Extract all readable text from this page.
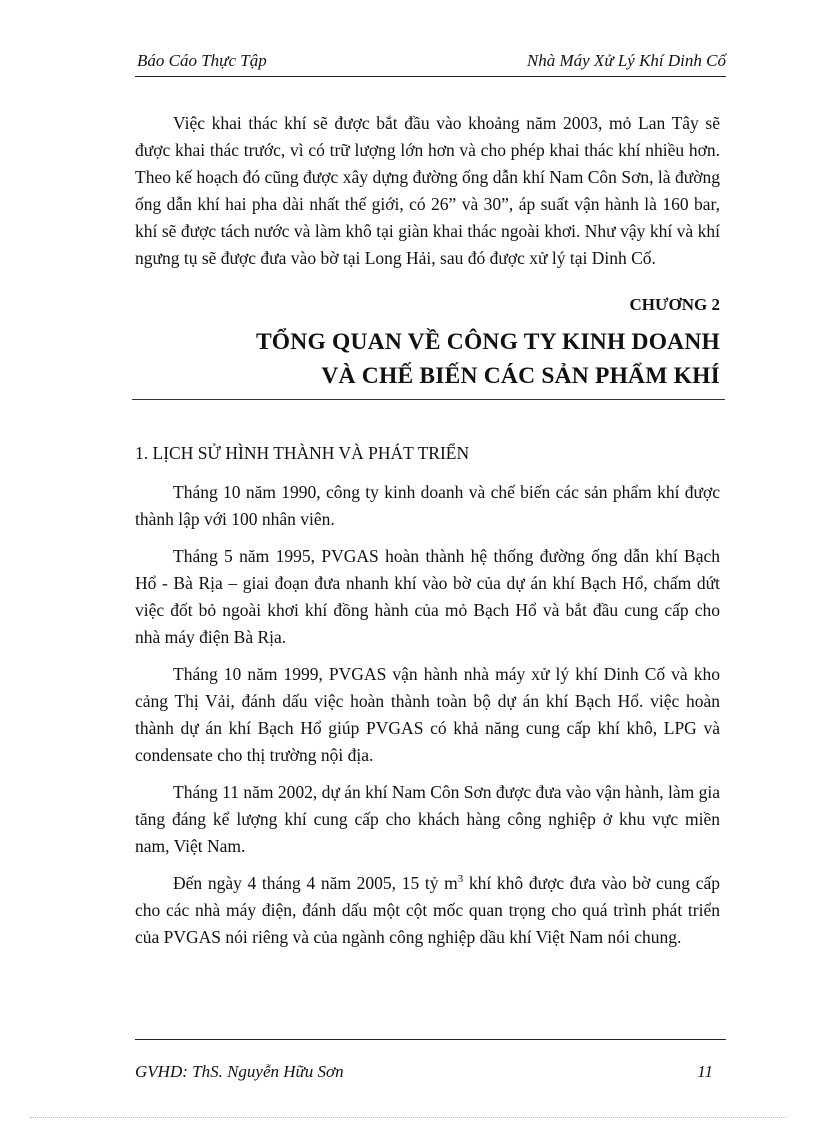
Báo Cáo Thực Tập	Nhà Máy Xử Lý Khí Dinh Cố

Việc khai thác khí sẽ được bắt đầu vào khoảng năm 2003, mỏ Lan Tây sẽ được khai thác trước, vì có trữ lượng lớn hơn và cho phép khai thác khí nhiều hơn. Theo kế hoạch đó cũng được xây dựng đường ống dẫn khí Nam Côn Sơn, là đường ống dẫn khí hai pha dài nhất thế giới, có 26” và 30”, áp suất vận hành là 160 bar, khí sẽ được tách nước và làm khô tại giàn khai thác ngoài khơi. Như vậy khí và khí ngưng tụ sẽ được đưa vào bờ tại Long Hải, sau đó được xử lý tại Dinh Cố.

CHƯƠNG 2
TỔNG QUAN VỀ CÔNG TY KINH DOANH
VÀ CHẾ BIẾN CÁC SẢN PHẨM KHÍ
1. LỊCH SỬ HÌNH THÀNH VÀ PHÁT TRIỂN

Tháng 10 năm 1990, công ty kinh doanh và chế biến các sản phẩm khí được thành lập với 100 nhân viên.

Tháng 5 năm 1995, PVGAS hoàn thành hệ thống đường ống dẫn khí Bạch Hổ - Bà Rịa – giai đoạn đưa nhanh khí vào bờ của dự án khí Bạch Hổ, chấm dứt việc đốt bỏ ngoài khơi khí đồng hành của mỏ Bạch Hổ và bắt đầu cung cấp cho nhà máy điện Bà Rịa.

Tháng 10 năm 1999, PVGAS vận hành nhà máy xử lý khí Dinh Cố và kho cảng Thị Vải, đánh dấu việc hoàn thành toàn bộ dự án khí Bạch Hổ. việc hoàn thành dự án khí Bạch Hổ giúp PVGAS có khả năng cung cấp khí khô, LPG và condensate cho thị trường nội địa.

Tháng 11 năm 2002, dự án khí Nam Côn Sơn được đưa vào vận hành, làm gia tăng đáng kể lượng khí cung cấp cho khách hàng công nghiệp ở khu vực miền nam, Việt Nam.

Đến ngày 4 tháng 4 năm 2005, 15 tỷ $m^3$ khí khô được đưa vào bờ cung cấp cho các nhà máy điện, đánh dấu một cột mốc quan trọng cho quá trình phát triển của PVGAS nói riêng và của ngành công nghiệp dầu khí Việt Nam nói chung.

GVHD: ThS. Nguyễn Hữu Sơn	11
